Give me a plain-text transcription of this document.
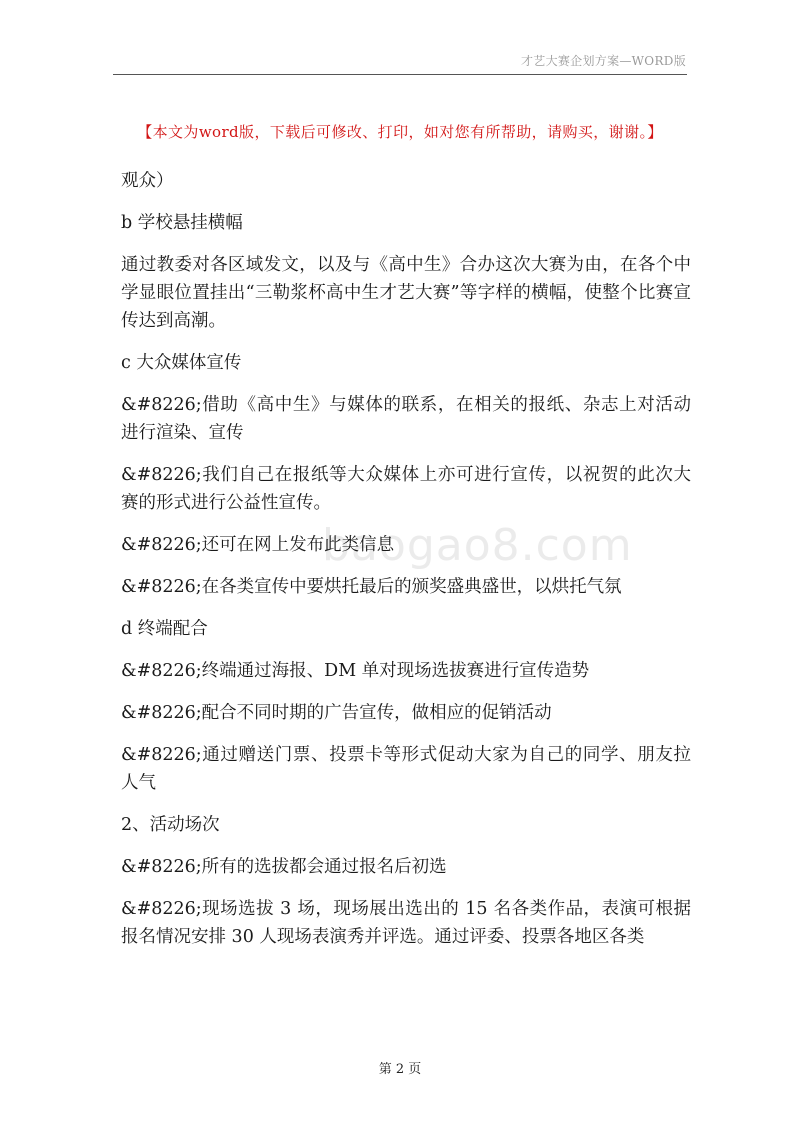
才艺大赛企划方案—WORD版
【本文为word版，下载后可修改、打印，如对您有所帮助，请购买，谢谢。】
baogao8.com

观众）

b 学校悬挂横幅

通过教委对各区域发文，以及与《高中生》合办这次大赛为由，在各个中学显眼位置挂出“三勒浆杯高中生才艺大赛”等字样的横幅，使整个比赛宣传达到高潮。

c 大众媒体宣传

&#8226;借助《高中生》与媒体的联系，在相关的报纸、杂志上对活动进行渲染、宣传

&#8226;我们自己在报纸等大众媒体上亦可进行宣传，以祝贺的此次大赛的形式进行公益性宣传。

&#8226;还可在网上发布此类信息

&#8226;在各类宣传中要烘托最后的颁奖盛典盛世，以烘托气氛

d 终端配合

&#8226;终端通过海报、DM 单对现场选拔赛进行宣传造势

&#8226;配合不同时期的广告宣传，做相应的促销活动

&#8226;通过赠送门票、投票卡等形式促动大家为自己的同学、朋友拉人气

2、活动场次

&#8226;所有的选拔都会通过报名后初选

&#8226;现场选拔 3 场，现场展出选出的 15 名各类作品，表演可根据报名情况安排 30 人现场表演秀并评选。通过评委、投票各地区各类

第 2 页
